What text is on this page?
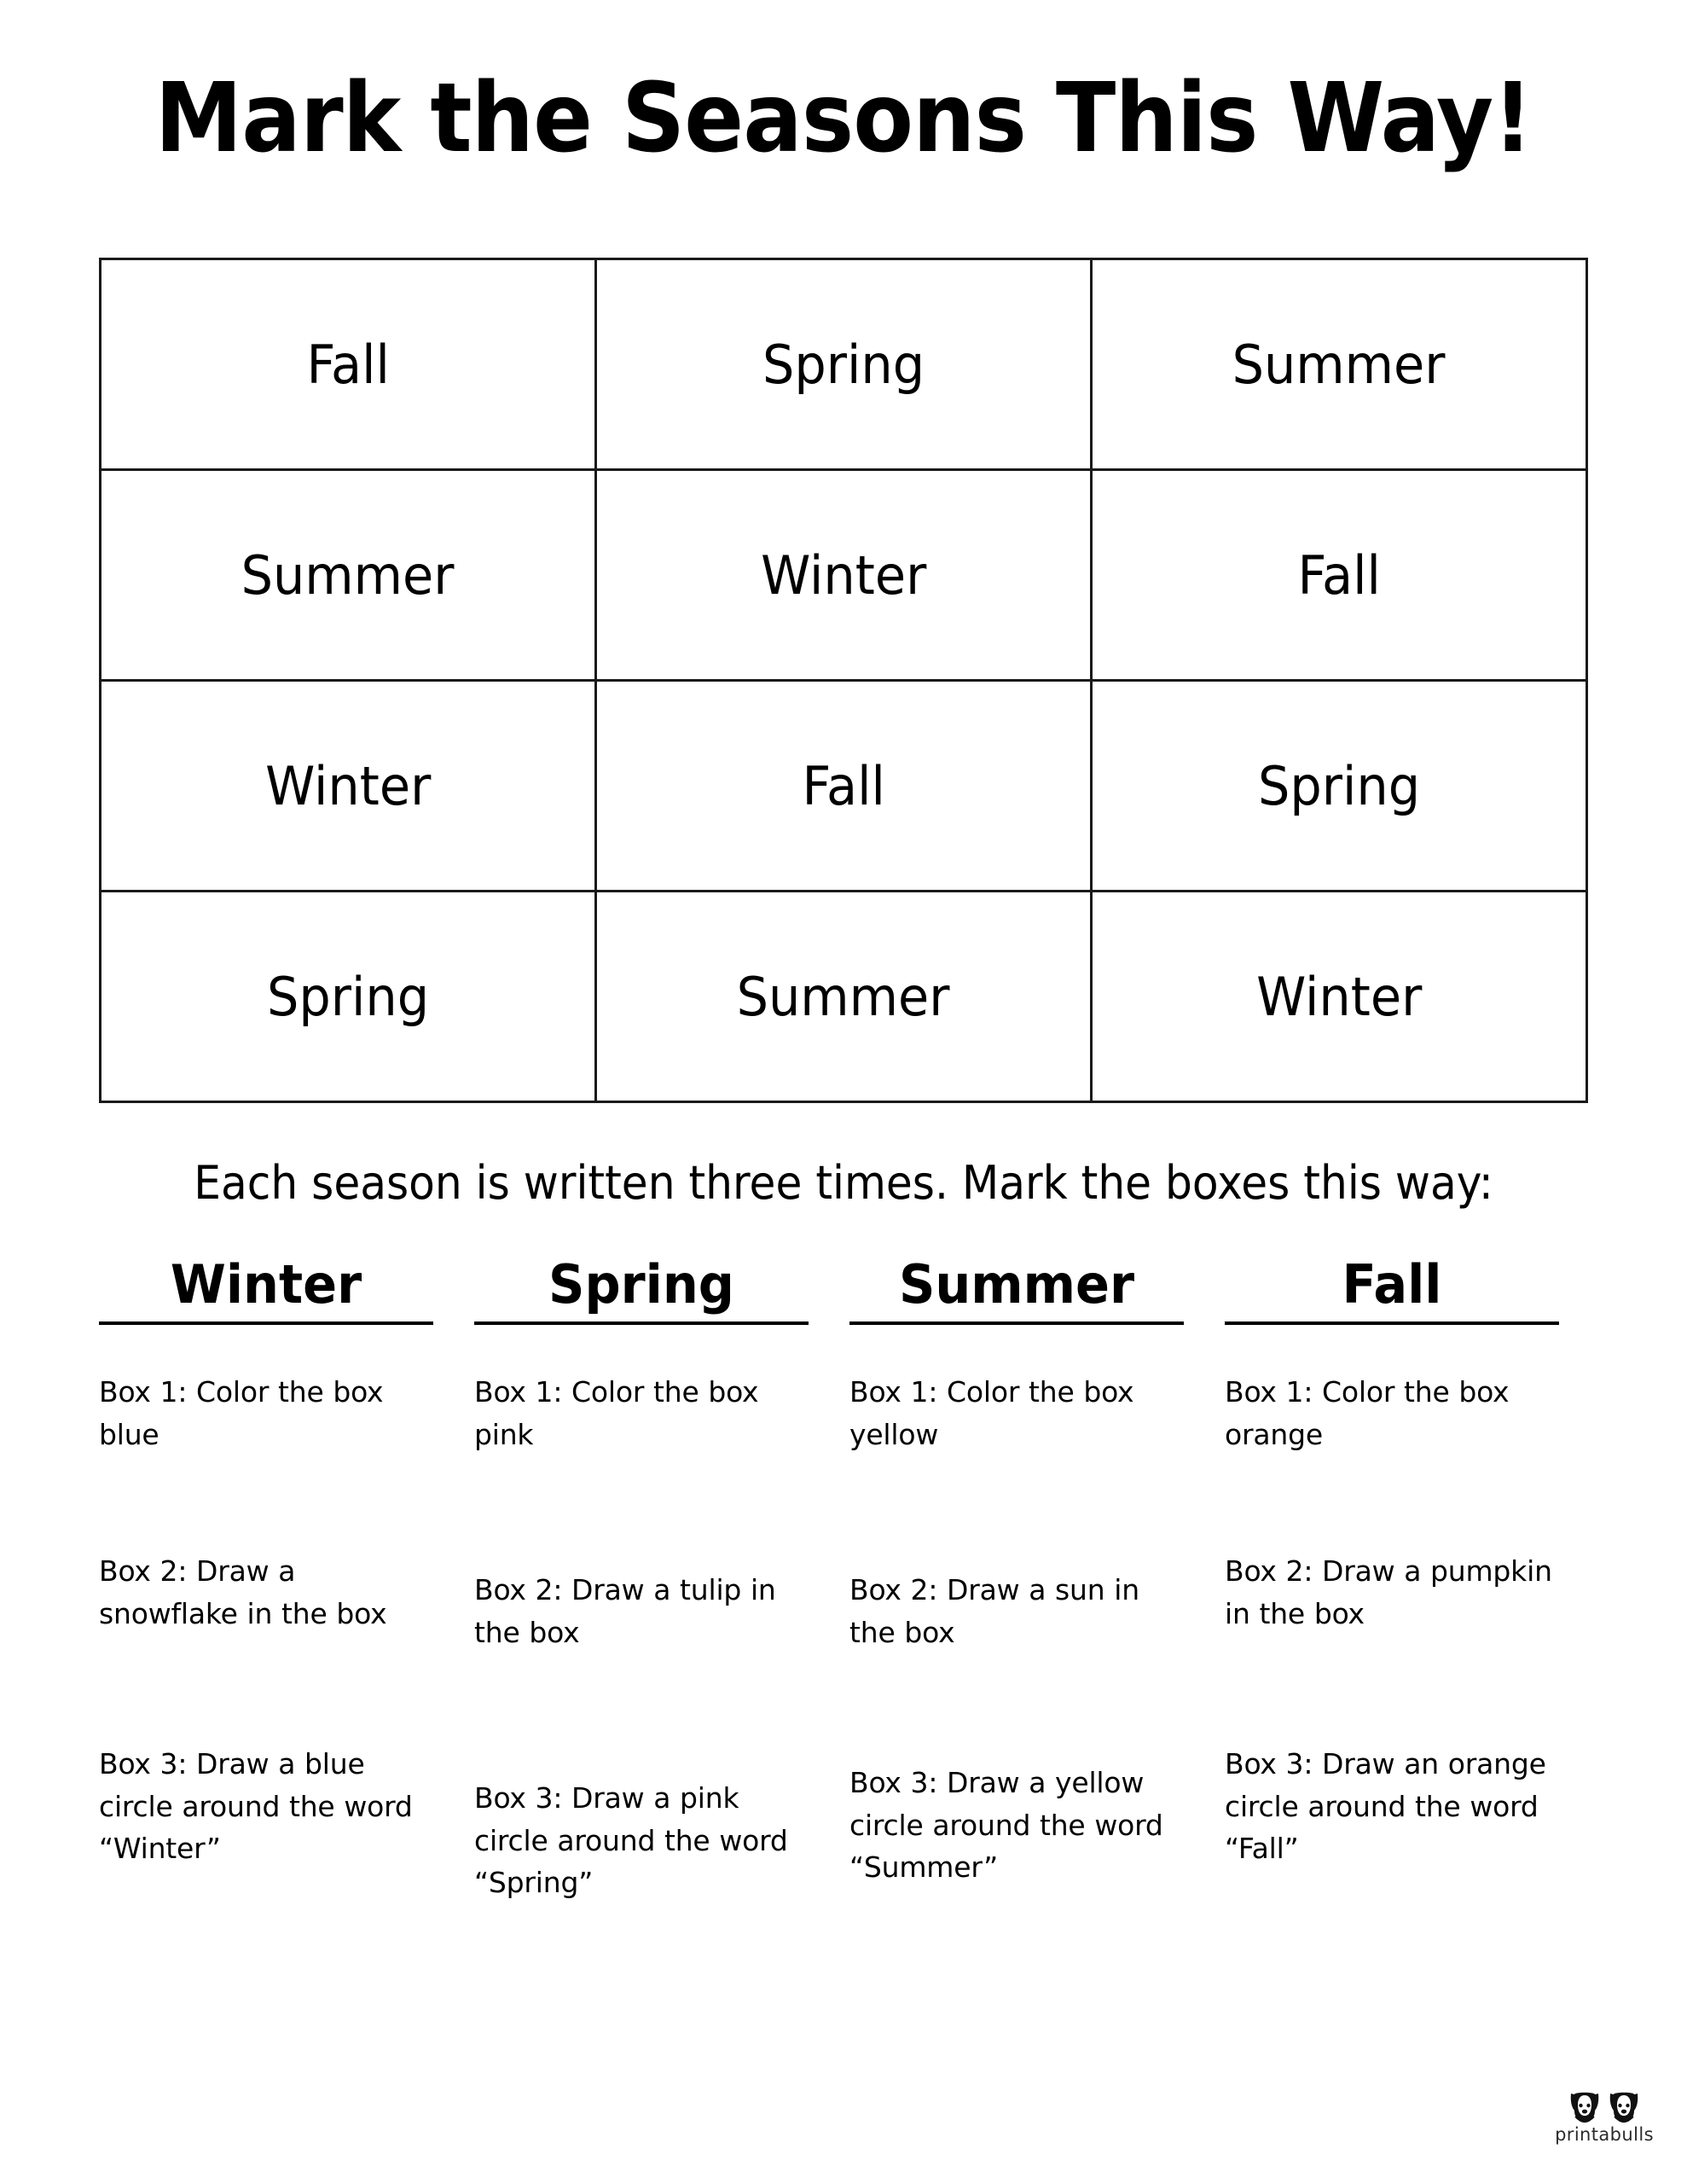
Mark the Seasons This Way!
Fall	Spring	Summer
Summer	Winter	Fall
Winter	Fall	Spring
Spring	Summer	Winter
Each season is written three times. Mark the boxes this way:
Winter
Box 1: Color the box blue
Box 2: Draw a snowflake in the box
Box 3: Draw a blue circle around the word “Winter”
Spring
Box 1: Color the box pink
Box 2: Draw a tulip in the box
Box 3: Draw a pink circle around the word “Spring”
Summer
Box 1: Color the box yellow
Box 2: Draw a sun in the box
Box 3: Draw a yellow circle around the word “Summer”
Fall
Box 1: Color the box orange
Box 2: Draw a pumpkin in the box
Box 3: Draw an orange circle around the word “Fall”
printabulls
